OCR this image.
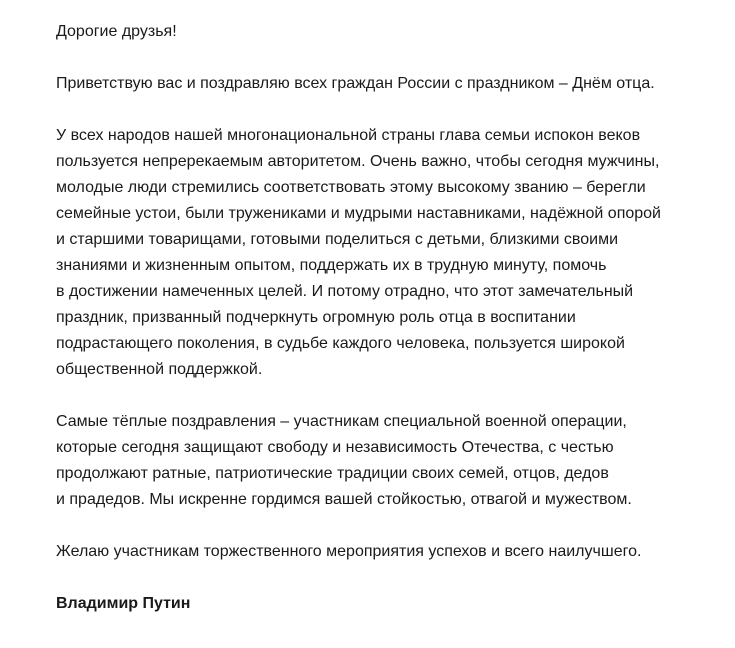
Дорогие друзья!

Приветствую вас и поздравляю всех граждан России с праздником – Днём отца.

У всех народов нашей многонациональной страны глава семьи испокон веков
пользуется непререкаемым авторитетом. Очень важно, чтобы сегодня мужчины,
молодые люди стремились соответствовать этому высокому званию – берегли
семейные устои, были тружениками и мудрыми наставниками, надёжной опорой
и старшими товарищами, готовыми поделиться с детьми, близкими своими
знаниями и жизненным опытом, поддержать их в трудную минуту, помочь
в достижении намеченных целей. И потому отрадно, что этот замечательный
праздник, призванный подчеркнуть огромную роль отца в воспитании
подрастающего поколения, в судьбе каждого человека, пользуется широкой
общественной поддержкой.

Самые тёплые поздравления – участникам специальной военной операции,
которые сегодня защищают свободу и независимость Отечества, с честью
продолжают ратные, патриотические традиции своих семей, отцов, дедов
и прадедов. Мы искренне гордимся вашей стойкостью, отвагой и мужеством.

Желаю участникам торжественного мероприятия успехов и всего наилучшего.

Владимир Путин
